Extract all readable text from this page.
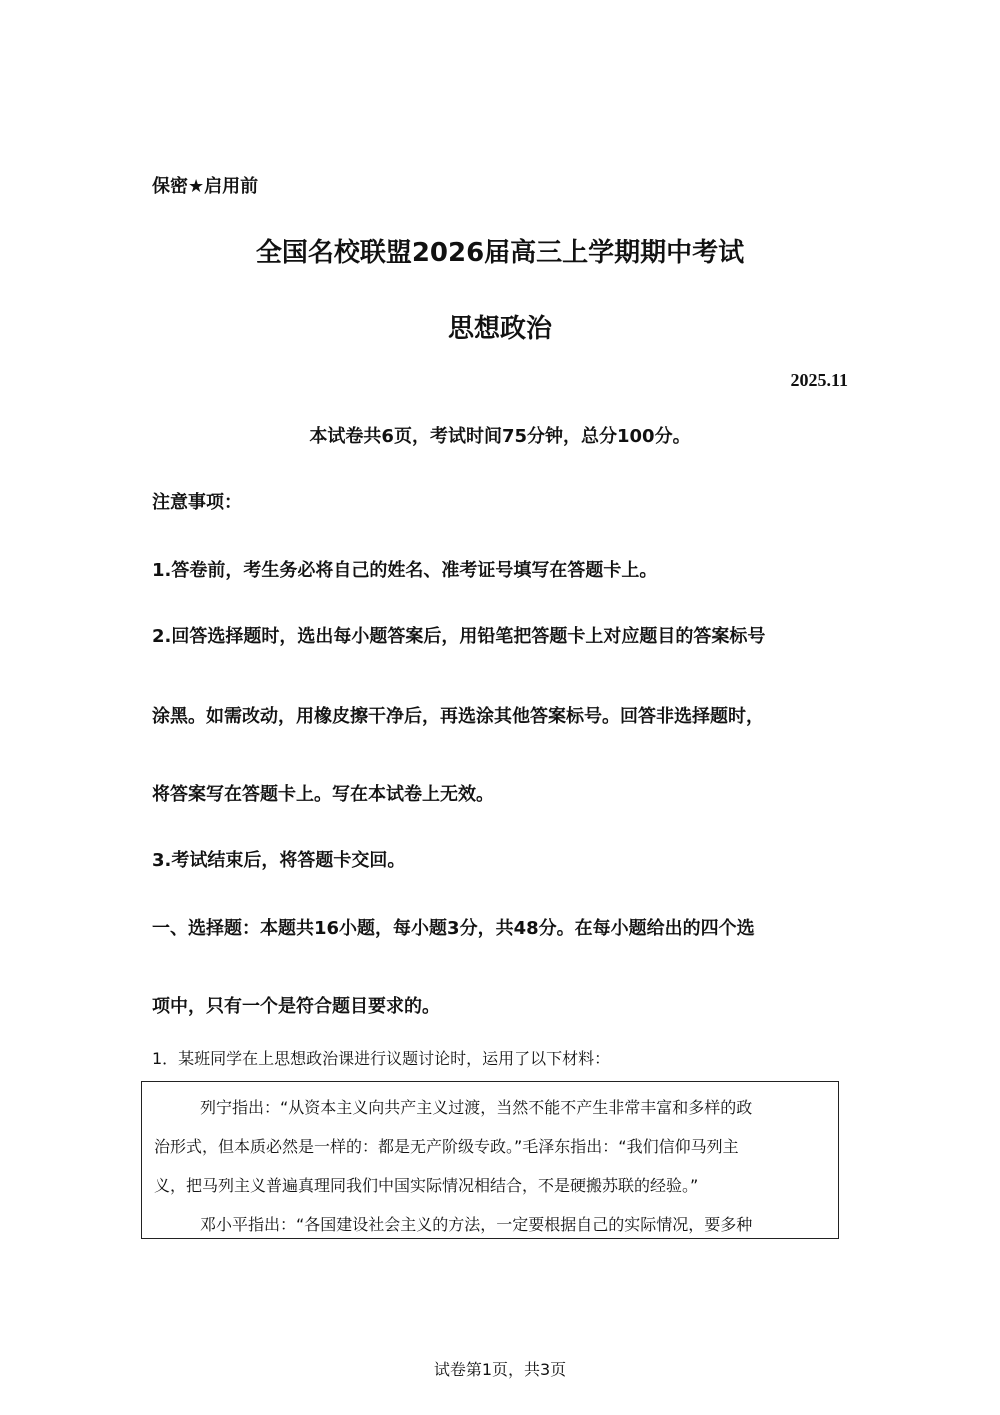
保密★启用前
全国名校联盟2026届高三上学期期中考试
思想政治
2025.11
本试卷共6页，考试时间75分钟，总分100分。
注意事项：
1.答卷前，考生务必将自己的姓名、准考证号填写在答题卡上。
2.回答选择题时，选出每小题答案后，用铅笔把答题卡上对应题目的答案标号
涂黑。如需改动，用橡皮擦干净后，再选涂其他答案标号。回答非选择题时，
将答案写在答题卡上。写在本试卷上无效。
3.考试结束后，将答题卡交回。
一、选择题：本题共16小题，每小题3分，共48分。在每小题给出的四个选
项中，只有一个是符合题目要求的。
1．某班同学在上思想政治课进行议题讨论时，运用了以下材料：
列宁指出：“从资本主义向共产主义过渡，当然不能不产生非常丰富和多样的政
治形式，但本质必然是一样的：都是无产阶级专政。”毛泽东指出：“我们信仰马列主
义，把马列主义普遍真理同我们中国实际情况相结合，不是硬搬苏联的经验。”
邓小平指出：“各国建设社会主义的方法，一定要根据自己的实际情况，要多种
试卷第1页，共3页
